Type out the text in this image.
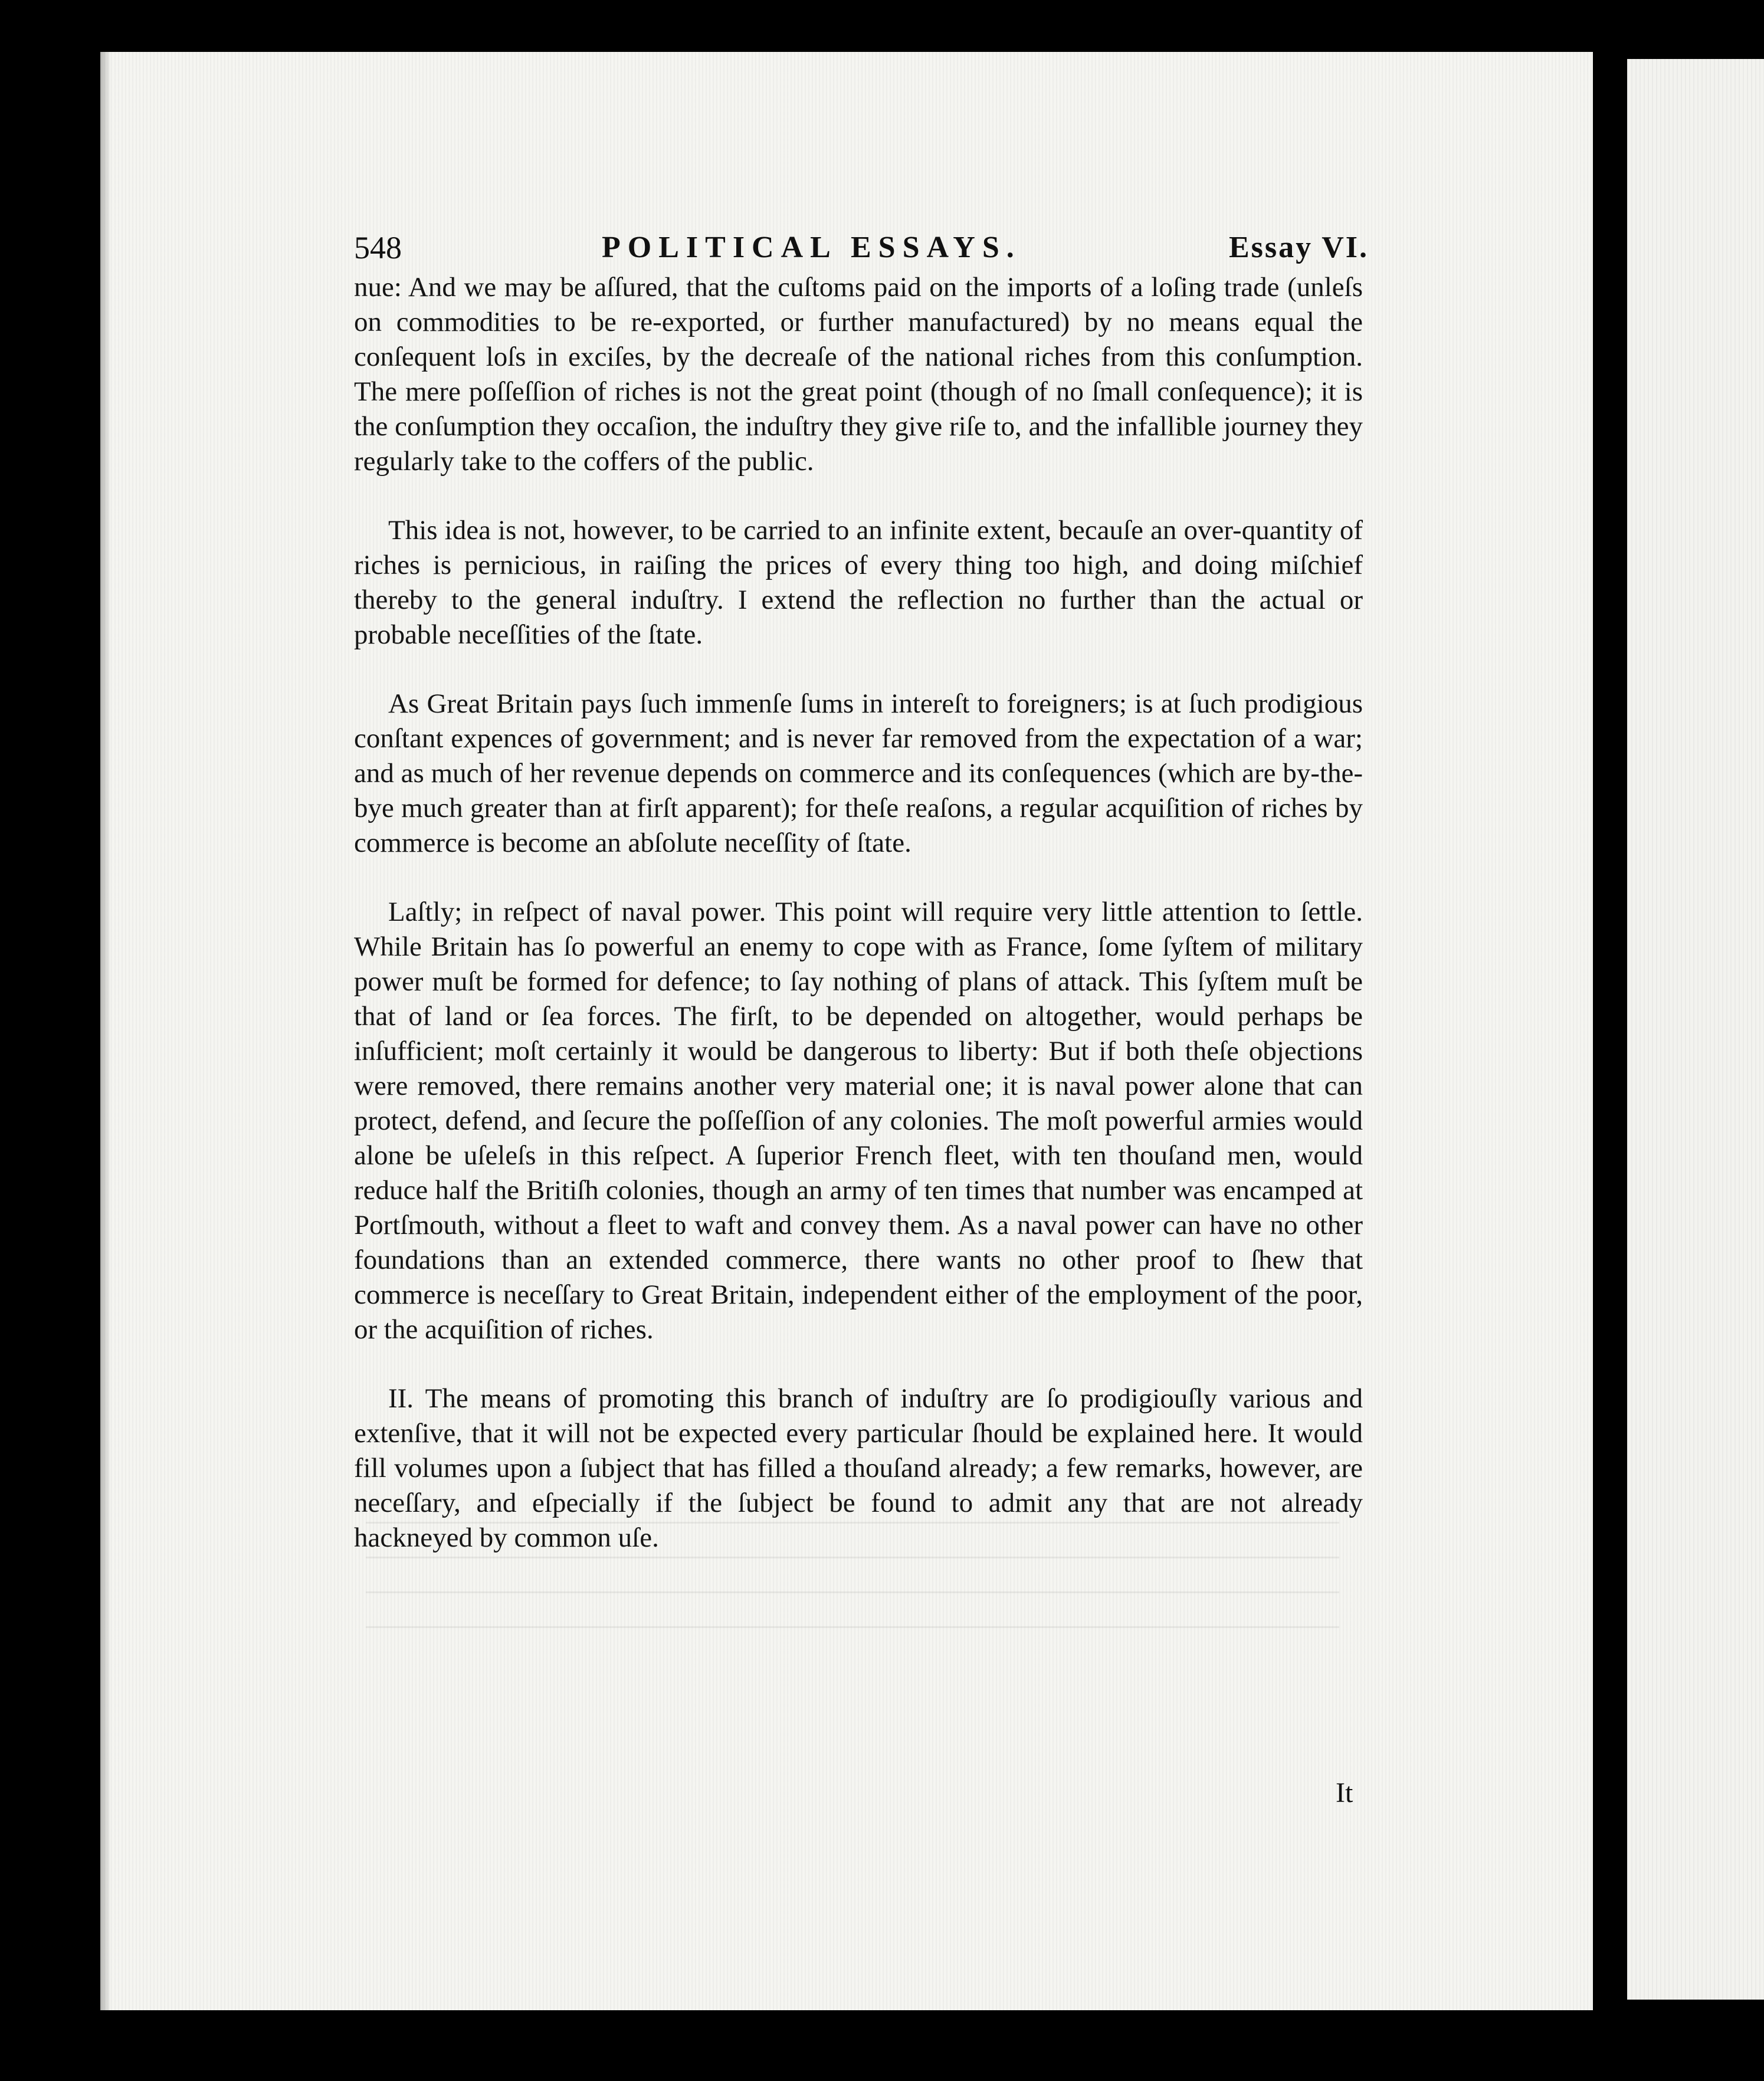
548	POLITICAL ESSAYS.	Essay VI.

nue: And we may be aſſured, that the cuſtoms paid on the imports of a loſing trade (unleſs on commodities to be re-exported, or further manufactured) by no means equal the conſequent loſs in exciſes, by the decreaſe of the national riches from this conſumption. The mere poſſeſſion of riches is not the great point (though of no ſmall conſequence); it is the conſumption they occaſion, the induſtry they give riſe to, and the infallible journey they regularly take to the coffers of the public.

This idea is not, however, to be carried to an infinite extent, becauſe an over-quantity of riches is pernicious, in raiſing the prices of every thing too high, and doing miſchief thereby to the general induſtry. I extend the reflection no further than the actual or probable neceſſities of the ſtate.

As Great Britain pays ſuch immenſe ſums in intereſt to foreigners; is at ſuch prodigious conſtant expences of government; and is never far removed from the expectation of a war; and as much of her revenue depends on commerce and its conſequences (which are by-the-bye much greater than at firſt apparent); for theſe reaſons, a regular acquiſition of riches by commerce is become an abſolute neceſſity of ſtate.

Laſtly; in reſpect of naval power. This point will require very little attention to ſettle. While Britain has ſo powerful an enemy to cope with as France, ſome ſyſtem of military power muſt be formed for defence; to ſay nothing of plans of attack. This ſyſtem muſt be that of land or ſea forces. The firſt, to be depended on altogether, would perhaps be inſufficient; moſt certainly it would be dangerous to liberty: But if both theſe objections were removed, there remains another very material one; it is naval power alone that can protect, defend, and ſecure the poſſeſſion of any colonies. The moſt powerful armies would alone be uſeleſs in this reſpect. A ſuperior French fleet, with ten thouſand men, would reduce half the Britiſh colonies, though an army of ten times that number was encamped at Portſmouth, without a fleet to waft and convey them. As a naval power can have no other foundations than an extended commerce, there wants no other proof to ſhew that commerce is neceſſary to Great Britain, independent either of the employment of the poor, or the acquiſition of riches.

II. The means of promoting this branch of induſtry are ſo prodigiouſly various and extenſive, that it will not be expected every particular ſhould be explained here. It would fill volumes upon a ſubject that has filled a thouſand already; a few remarks, however, are neceſſary, and eſpecially if the ſubject be found to admit any that are not already hackneyed by common uſe.

It
